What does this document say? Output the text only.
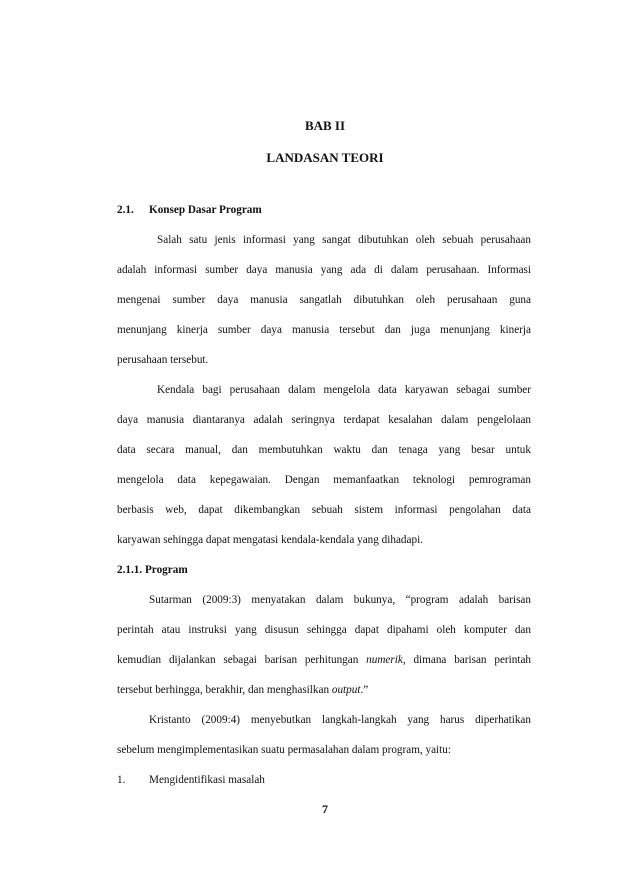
BAB II
LANDASAN TEORI
2.1. Konsep Dasar Program
Salah satu jenis informasi yang sangat dibutuhkan oleh sebuah perusahaan
adalah informasi sumber daya manusia yang ada di dalam perusahaan. Informasi
mengenai sumber daya manusia sangatlah dibutuhkan oleh perusahaan guna
menunjang kinerja sumber daya manusia tersebut dan juga menunjang kinerja
perusahaan tersebut.
Kendala bagi perusahaan dalam mengelola data karyawan sebagai sumber
daya manusia diantaranya adalah seringnya terdapat kesalahan dalam pengelolaan
data secara manual, dan membutuhkan waktu dan tenaga yang besar untuk
mengelola data kepegawaian. Dengan memanfaatkan teknologi pemrograman
berbasis web, dapat dikembangkan sebuah sistem informasi pengolahan data
karyawan sehingga dapat mengatasi kendala-kendala yang dihadapi.
2.1.1. Program
Sutarman (2009:3) menyatakan dalam bukunya, “program adalah barisan
perintah atau instruksi yang disusun sehingga dapat dipahami oleh komputer dan
kemudian dijalankan sebagai barisan perhitungan numerik, dimana barisan perintah
tersebut berhingga, berakhir, dan menghasilkan output.”
Kristanto (2009:4) menyebutkan langkah-langkah yang harus diperhatikan
sebelum mengimplementasikan suatu permasalahan dalam program, yaitu:
1. Mengidentifikasi masalah
7
